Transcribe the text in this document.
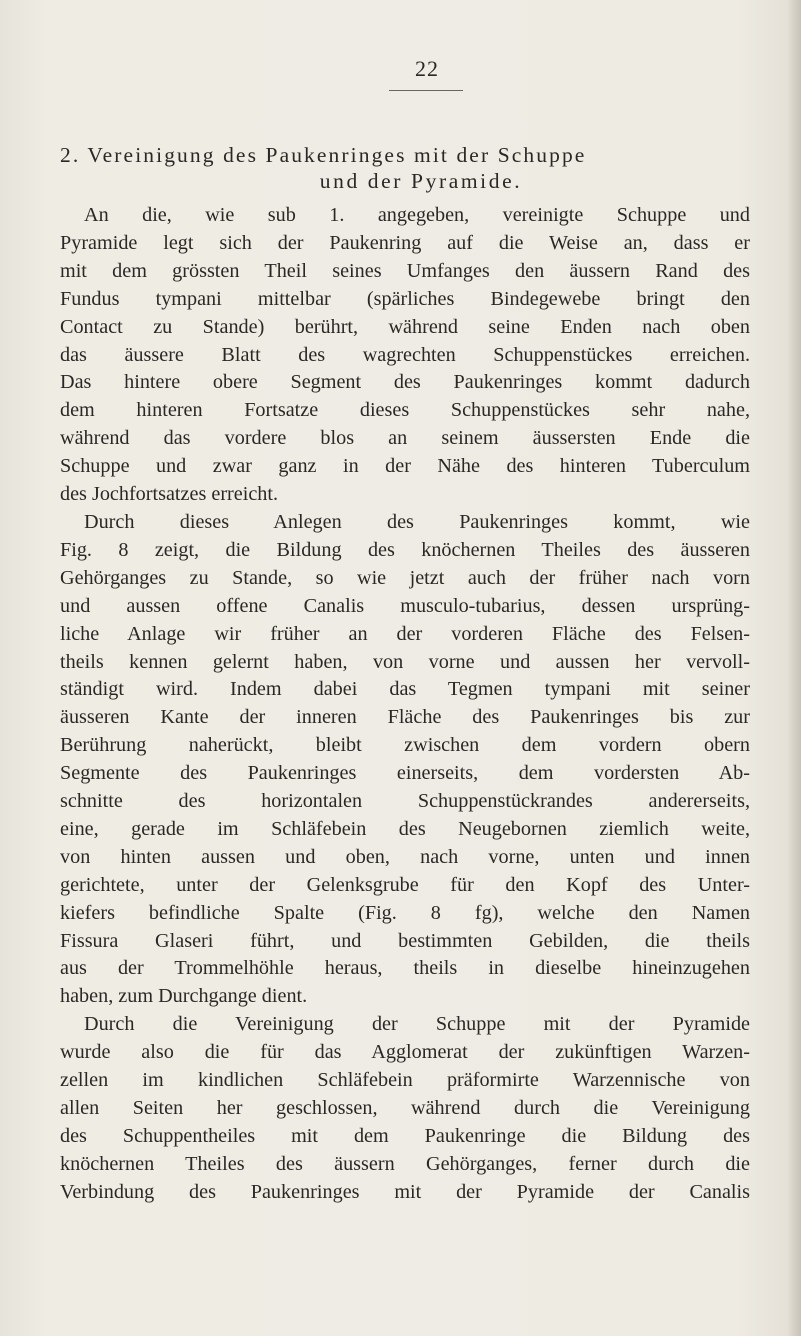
22
2. Vereinigung des Paukenringes mit der Schuppe
und der Pyramide.
An die, wie sub 1. angegeben, vereinigte Schuppe und
Pyramide legt sich der Paukenring auf die Weise an, dass er
mit dem grössten Theil seines Umfanges den äussern Rand des
Fundus tympani mittelbar (spärliches Bindegewebe bringt den
Contact zu Stande) berührt, während seine Enden nach oben
das äussere Blatt des wagrechten Schuppenstückes erreichen.
Das hintere obere Segment des Paukenringes kommt dadurch
dem hinteren Fortsatze dieses Schuppenstückes sehr nahe,
während das vordere blos an seinem äussersten Ende die
Schuppe und zwar ganz in der Nähe des hinteren Tuberculum
des Jochfortsatzes erreicht.
Durch dieses Anlegen des Paukenringes kommt, wie
Fig. 8 zeigt, die Bildung des knöchernen Theiles des äusseren
Gehörganges zu Stande, so wie jetzt auch der früher nach vorn
und aussen offene Canalis musculo-tubarius, dessen ursprüng-
liche Anlage wir früher an der vorderen Fläche des Felsen-
theils kennen gelernt haben, von vorne und aussen her vervoll-
ständigt wird. Indem dabei das Tegmen tympani mit seiner
äusseren Kante der inneren Fläche des Paukenringes bis zur
Berührung naherückt, bleibt zwischen dem vordern obern
Segmente des Paukenringes einerseits, dem vordersten Ab-
schnitte des horizontalen Schuppenstückrandes andererseits,
eine, gerade im Schläfebein des Neugebornen ziemlich weite,
von hinten aussen und oben, nach vorne, unten und innen
gerichtete, unter der Gelenksgrube für den Kopf des Unter-
kiefers befindliche Spalte (Fig. 8 fg), welche den Namen
Fissura Glaseri führt, und bestimmten Gebilden, die theils
aus der Trommelhöhle heraus, theils in dieselbe hineinzugehen
haben, zum Durchgange dient.
Durch die Vereinigung der Schuppe mit der Pyramide
wurde also die für das Agglomerat der zukünftigen Warzen-
zellen im kindlichen Schläfebein präformirte Warzennische von
allen Seiten her geschlossen, während durch die Vereinigung
des Schuppentheiles mit dem Paukenringe die Bildung des
knöchernen Theiles des äussern Gehörganges, ferner durch die
Verbindung des Paukenringes mit der Pyramide der Canalis
